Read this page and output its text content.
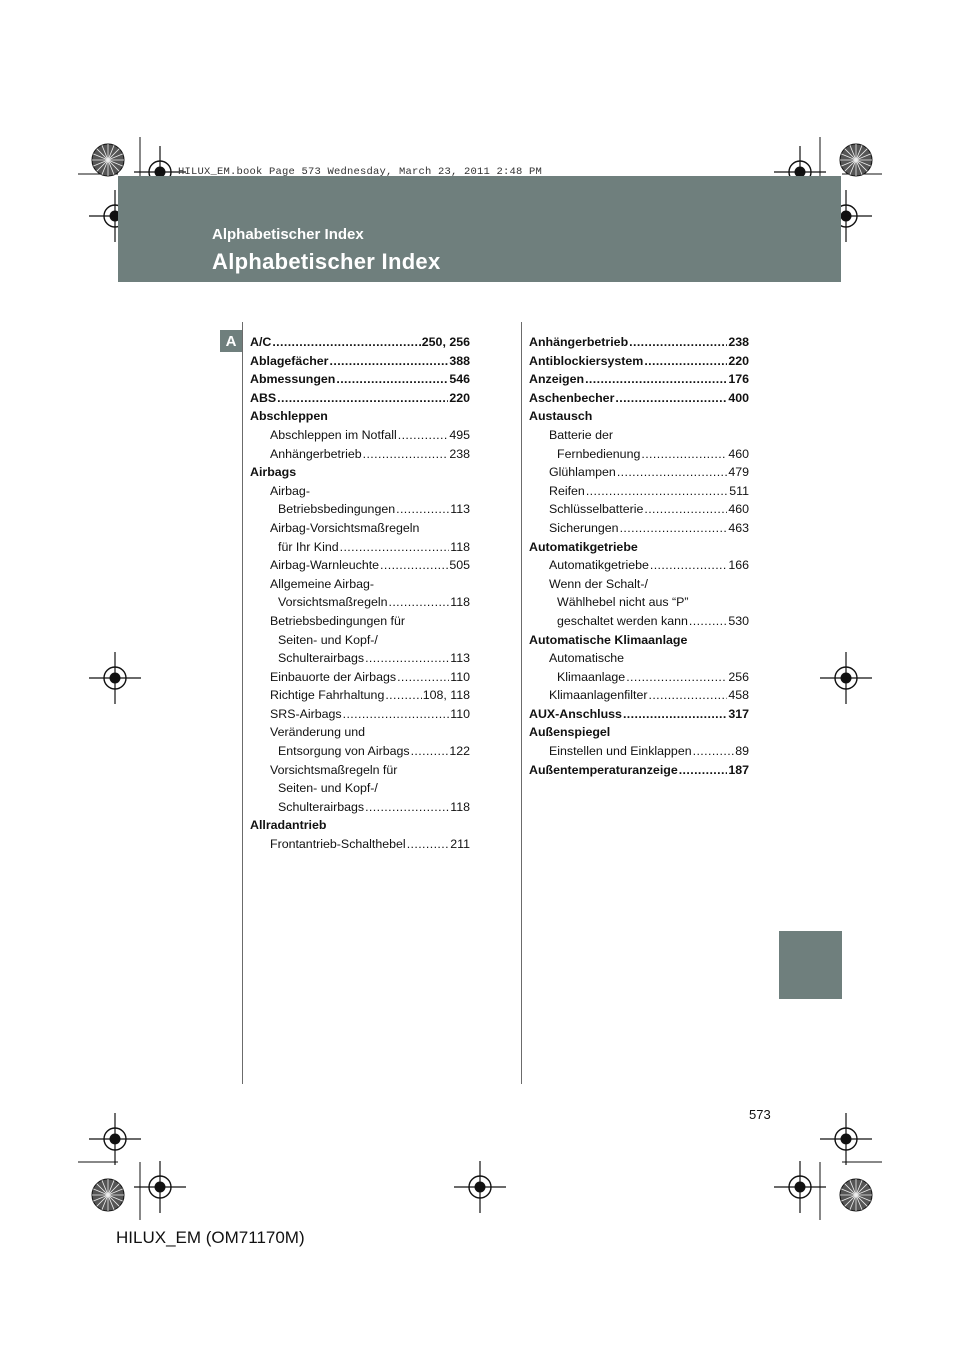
HILUX_EM.book Page 573 Wednesday, March 23, 2011 2:48 PM
Alphabetischer Index
Alphabetischer Index
A	A/C .....	250, 256
Ablagefächer .....	388
Abmessungen .....	546
ABS .....	220
Abschleppen
Abschleppen im Notfall .....	495
Anhängerbetrieb .....	238
Airbags
Airbag-
Betriebsbedingungen .....	113
Airbag-Vorsichtsmaßregeln
für Ihr Kind .....	118
Airbag-Warnleuchte .....	505
Allgemeine Airbag-
Vorsichtsmaßregeln .....	118
Betriebsbedingungen für
Seiten- und Kopf-/
Schulterairbags .....	113
Einbauorte der Airbags .....	110
Richtige Fahrhaltung .....	108, 118
SRS-Airbags .....	110
Veränderung und
Entsorgung von Airbags .....	122
Vorsichtsmaßregeln für
Seiten- und Kopf-/
Schulterairbags .....	118
Allradantrieb
Frontantrieb-Schalthebel .....	211
Anhängerbetrieb .....	238
Antiblockiersystem .....	220
Anzeigen .....	176
Aschenbecher .....	400
Austausch
Batterie der
Fernbedienung .....	460
Glühlampen .....	479
Reifen .....	511
Schlüsselbatterie .....	460
Sicherungen .....	463
Automatikgetriebe
Automatikgetriebe .....	166
Wenn der Schalt-/
Wählhebel nicht aus “P”
geschaltet werden kann .....	530
Automatische Klimaanlage
Automatische
Klimaanlage .....	256
Klimaanlagenfilter .....	458
AUX-Anschluss .....	317
Außenspiegel
Einstellen und Einklappen .....	89
Außentemperaturanzeige .....	187
573
HILUX_EM (OM71170M)
